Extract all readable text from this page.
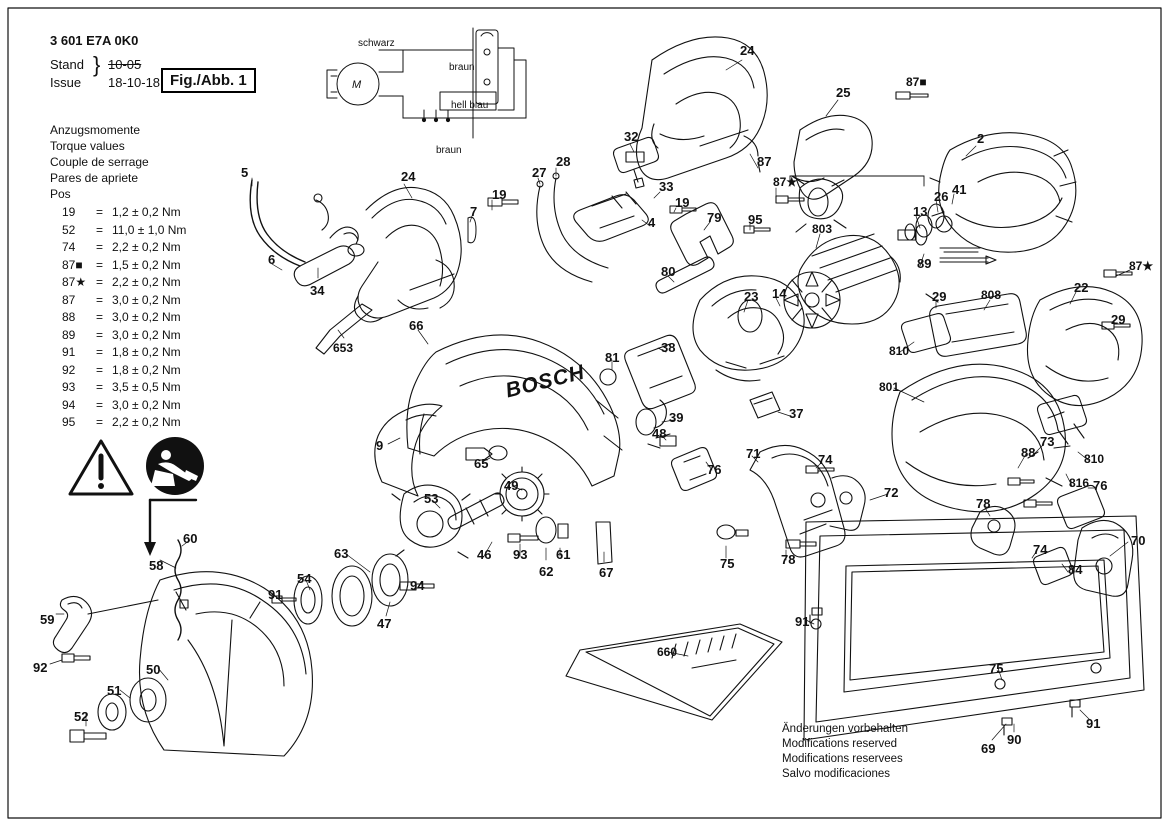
3 601 E7A 0K0
Stand
Issue
} 10-05
18-10-18 Fig./Abb. 1
Anzugsmomente
Torque values
Couple de serrage
Pares de apriete
Pos
19 = 1,2 ± 0,2 Nm
52 = 11,0 ± 1,0 Nm
74 = 2,2 ± 0,2 Nm
87■ = 1,5 ± 0,2 Nm
87★ = 2,2 ± 0,2 Nm
87 = 3,0 ± 0,2 Nm
88 = 3,0 ± 0,2 Nm
89 = 3,0 ± 0,2 Nm
91 = 1,8 ± 0,2 Nm
92 = 1,8 ± 0,2 Nm
93 = 3,5 ± 0,5 Nm
94 = 3,0 ± 0,2 Nm
95 = 2,2 ± 0,2 Nm
schwarz
braun
hell blau
braun
M
BOSCH
Änderungen vorbehalten
Modifications reserved
Modifications reservees
Salvo modificaciones
24
25
87■
2
32
87
5	24	27
28
33
19
19
87★
26 41
13
7
4	79 95
803
6	89	87★
80
34	23 14	29	808	22
653
66
81
38	810
29
801
37
39
9
48
71	74	810
65	76
73
88
816
49	72
53	78
76
70
74
46
62
61
67
63
60
58
93
75	78
84
91
54
47
94
59	91
660
92	50	75
51
52
69
90
91
